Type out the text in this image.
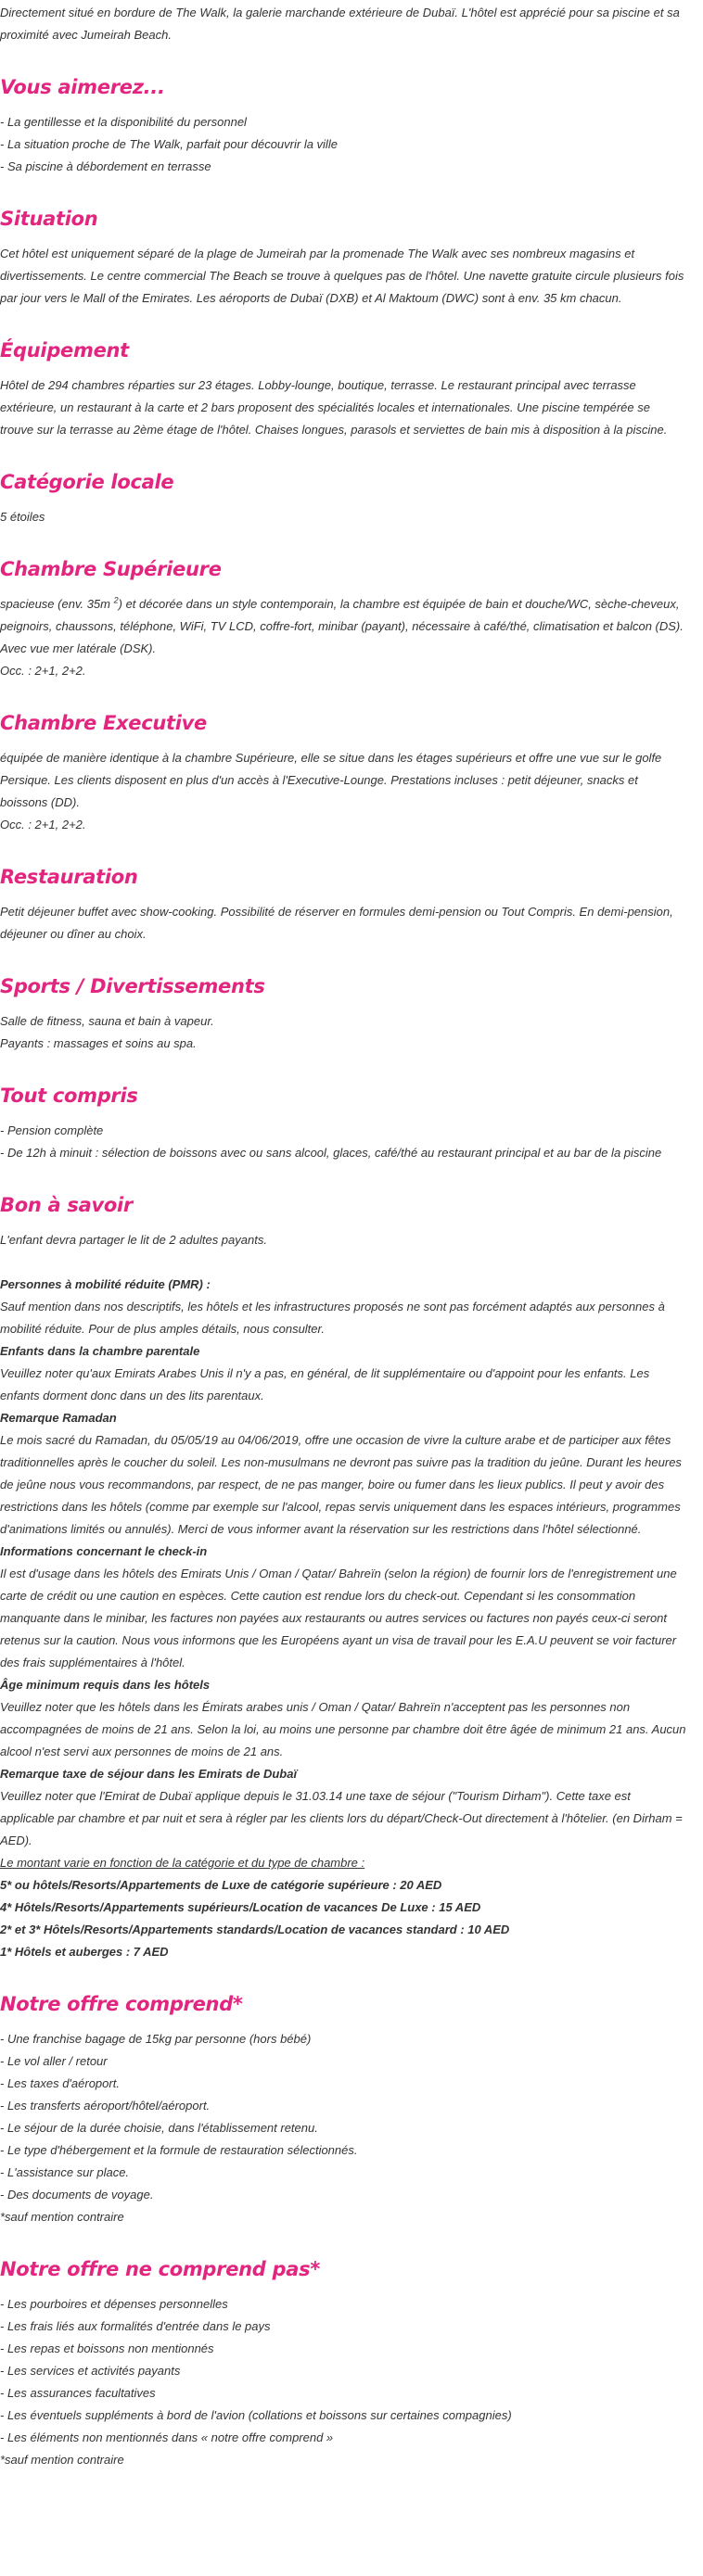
Directement situé en bordure de The Walk, la galerie marchande extérieure de Dubaï. L'hôtel est apprécié pour sa piscine et sa proximité avec Jumeirah Beach.

Vous aimerez...
- La gentillesse et la disponibilité du personnel
- La situation proche de The Walk, parfait pour découvrir la ville
- Sa piscine à débordement en terrasse
Situation

Cet hôtel est uniquement séparé de la plage de Jumeirah par la promenade The Walk avec ses nombreux magasins et divertissements. Le centre commercial The Beach se trouve à quelques pas de l'hôtel. Une navette gratuite circule plusieurs fois par jour vers le Mall of the Emirates. Les aéroports de Dubaï (DXB) et Al Maktoum (DWC) sont à env. 35 km chacun.

Équipement

Hôtel de 294 chambres réparties sur 23 étages. Lobby-lounge, boutique, terrasse. Le restaurant principal avec terrasse extérieure, un restaurant à la carte et 2 bars proposent des spécialités locales et internationales. Une piscine tempérée se trouve sur la terrasse au 2ème étage de l'hôtel. Chaises longues, parasols et serviettes de bain mis à disposition à la piscine.

Catégorie locale

5 étoiles

Chambre Supérieure

spacieuse (env. 35m $^2$) et décorée dans un style contemporain, la chambre est équipée de bain et douche/WC, sèche-cheveux, peignoirs, chaussons, téléphone, WiFi, TV LCD, coffre-fort, minibar (payant), nécessaire à café/thé, climatisation et balcon (DS). Avec vue mer latérale (DSK).

Occ. : 2+1, 2+2.
Chambre Executive

équipée de manière identique à la chambre Supérieure, elle se situe dans les étages supérieurs et offre une vue sur le golfe Persique. Les clients disposent en plus d'un accès à l'Executive-Lounge. Prestations incluses : petit déjeuner, snacks et boissons (DD).

Occ. : 2+1, 2+2.
Restauration

Petit déjeuner buffet avec show-cooking. Possibilité de réserver en formules demi-pension ou Tout Compris. En demi-pension, déjeuner ou dîner au choix.

Sports / Divertissements
Salle de fitness, sauna et bain à vapeur.
Payants : massages et soins au spa.
Tout compris
- Pension complète
- De 12h à minuit : sélection de boissons avec ou sans alcool, glaces, café/thé au restaurant principal et au bar de la piscine
Bon à savoir

L'enfant devra partager le lit de 2 adultes payants.

Personnes à mobilité réduite (PMR) :

Sauf mention dans nos descriptifs, les hôtels et les infrastructures proposés ne sont pas forcément adaptés aux personnes à mobilité réduite. Pour de plus amples détails, nous consulter.

Enfants dans la chambre parentale

Veuillez noter qu'aux Emirats Arabes Unis il n'y a pas, en général, de lit supplémentaire ou d'appoint pour les enfants. Les enfants dorment donc dans un des lits parentaux.

Remarque Ramadan

Le mois sacré du Ramadan, du 05/05/19 au 04/06/2019, offre une occasion de vivre la culture arabe et de participer aux fêtes traditionnelles après le coucher du soleil. Les non-musulmans ne devront pas suivre pas la tradition du jeûne. Durant les heures de jeûne nous vous recommandons, par respect, de ne pas manger, boire ou fumer dans les lieux publics. Il peut y avoir des restrictions dans les hôtels (comme par exemple sur l'alcool, repas servis uniquement dans les espaces intérieurs, programmes d'animations limités ou annulés). Merci de vous informer avant la réservation sur les restrictions dans l'hôtel sélectionné.

Informations concernant le check-in

Il est d'usage dans les hôtels des Emirats Unis / Oman / Qatar/ Bahreïn (selon la région) de fournir lors de l'enregistrement une carte de crédit ou une caution en espèces. Cette caution est rendue lors du check-out. Cependant si les consommation manquante dans le minibar, les factures non payées aux restaurants ou autres services ou factures non payés ceux-ci seront retenus sur la caution. Nous vous informons que les Européens ayant un visa de travail pour les E.A.U peuvent se voir facturer des frais supplémentaires à l'hôtel.

Âge minimum requis dans les hôtels

Veuillez noter que les hôtels dans les Émirats arabes unis / Oman / Qatar/ Bahreïn n'acceptent pas les personnes non accompagnées de moins de 21 ans. Selon la loi, au moins une personne par chambre doit être âgée de minimum 21 ans. Aucun alcool n'est servi aux personnes de moins de 21 ans.

Remarque taxe de séjour dans les Emirats de Dubaï

Veuillez noter que l'Emirat de Dubaï applique depuis le 31.03.14 une taxe de séjour ("Tourism Dirham"). Cette taxe est applicable par chambre et par nuit et sera à régler par les clients lors du départ/Check-Out directement à l'hôtelier. (en Dirham = AED).

Le montant varie en fonction de la catégorie et du type de chambre :
5* ou hôtels/Resorts/Appartements de Luxe de catégorie supérieure : 20 AED
4* Hôtels/Resorts/Appartements supérieurs/Location de vacances De Luxe : 15 AED
2* et 3* Hôtels/Resorts/Appartements standards/Location de vacances standard : 10 AED
1* Hôtels et auberges : 7 AED
Notre offre comprend*
- Une franchise bagage de 15kg par personne (hors bébé)
- Le vol aller / retour
- Les taxes d'aéroport.
- Les transferts aéroport/hôtel/aéroport.
- Le séjour de la durée choisie, dans l'établissement retenu.
- Le type d'hébergement et la formule de restauration sélectionnés.
- L'assistance sur place.
- Des documents de voyage.
*sauf mention contraire
Notre offre ne comprend pas*
- Les pourboires et dépenses personnelles
- Les frais liés aux formalités d'entrée dans le pays
- Les repas et boissons non mentionnés
- Les services et activités payants
- Les assurances facultatives
- Les éventuels suppléments à bord de l'avion (collations et boissons sur certaines compagnies)
- Les éléments non mentionnés dans « notre offre comprend »
*sauf mention contraire
